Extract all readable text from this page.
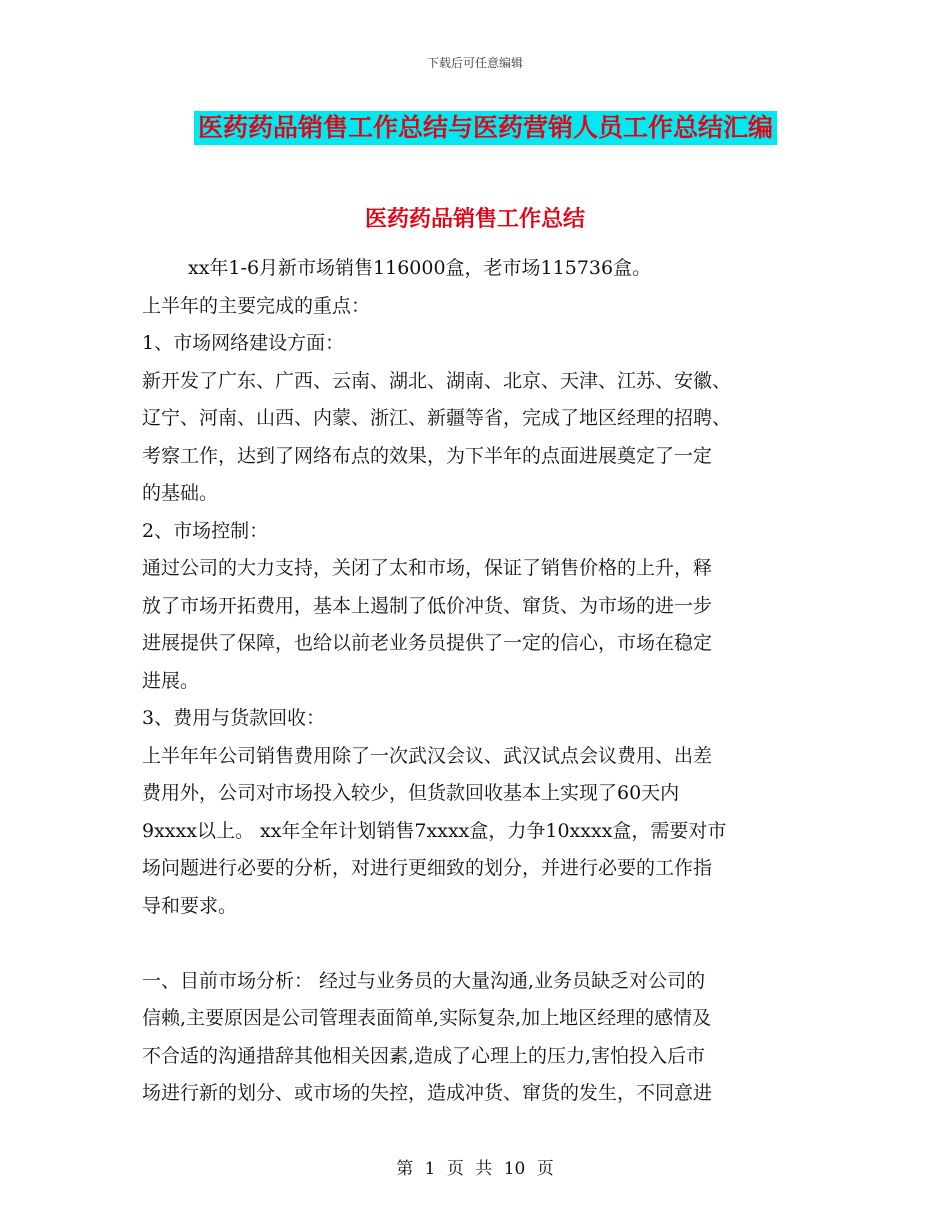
下载后可任意编辑
医药药品销售工作总结与医药营销人员工作总结汇编
医药药品销售工作总结

xx年1-6月新市场销售116000盒，老市场115736盒。

上半年的主要完成的重点：

1、市场网络建设方面：

新开发了广东、广西、云南、湖北、湖南、北京、天津、江苏、安徽、

辽宁、河南、山西、内蒙、浙江、新疆等省，完成了地区经理的招聘、

考察工作，达到了网络布点的效果，为下半年的点面进展奠定了一定

的基础。

2、市场控制：

通过公司的大力支持，关闭了太和市场，保证了销售价格的上升，释

放了市场开拓费用，基本上遏制了低价冲货、窜货、为市场的进一步

进展提供了保障，也给以前老业务员提供了一定的信心，市场在稳定

进展。

3、费用与货款回收：

上半年年公司销售费用除了一次武汉会议、武汉试点会议费用、出差

费用外，公司对市场投入较少，但货款回收基本上实现了60天内

9xxxx以上。 xx年全年计划销售7xxxx盒，力争10xxxx盒，需要对市

场问题进行必要的分析，对进行更细致的划分，并进行必要的工作指

导和要求。

一、目前市场分析： 经过与业务员的大量沟通,业务员缺乏对公司的

信赖,主要原因是公司管理表面简单,实际复杂,加上地区经理的感情及

不合适的沟通措辞其他相关因素,造成了心理上的压力,害怕投入后市

场进行新的划分、或市场的失控，造成冲货、窜货的发生，不同意进

第 1 页 共 10 页
